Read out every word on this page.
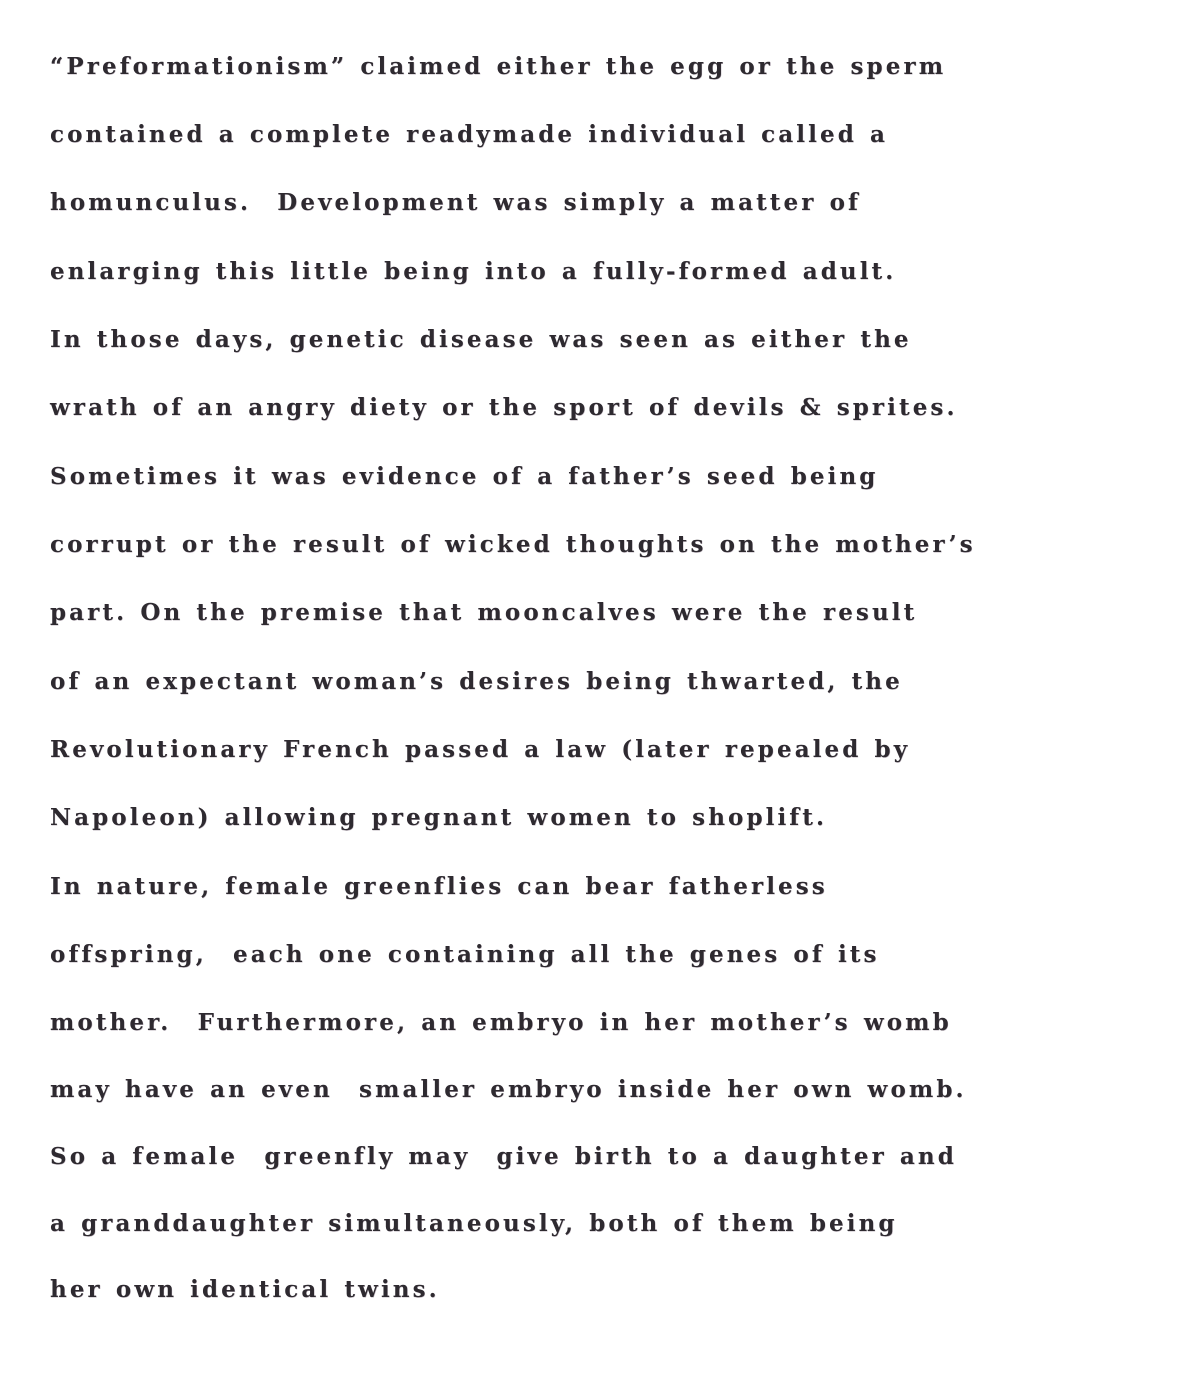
“Preformationism” claimed either the egg or the sperm

contained a complete readymade individual called a

homunculus.  Development was simply a matter of

enlarging this little being into a fully-formed adult.

In those days, genetic disease was seen as either the

wrath of an angry diety or the sport of devils & sprites.

Sometimes it was evidence of a father’s seed being

corrupt or the result of wicked thoughts on the mother’s

part. On the premise that mooncalves were the result

of an expectant woman’s desires being thwarted, the

Revolutionary French passed a law (later repealed by

Napoleon) allowing pregnant women to shoplift.

In nature, female greenflies can bear fatherless

offspring,  each one containing all the genes of its

mother.  Furthermore, an embryo in her mother’s womb

may have an even  smaller embryo inside her own womb.

So a female  greenfly may  give birth to a daughter and

a granddaughter simultaneously, both of them being

her own identical twins.
